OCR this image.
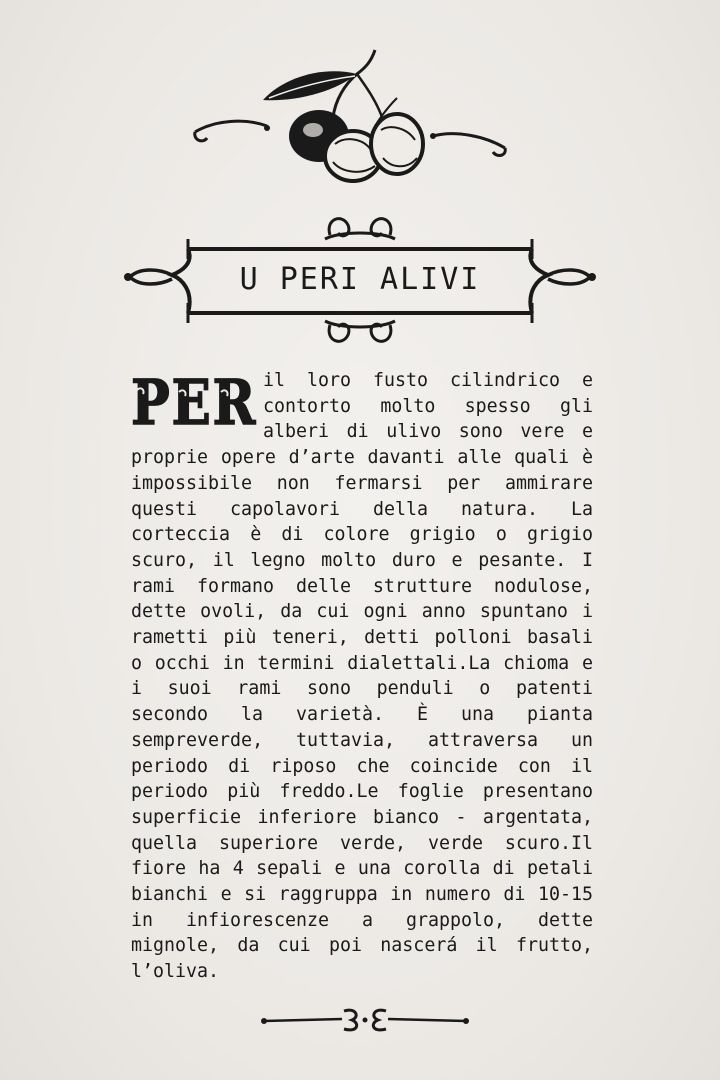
U PERI ALIVI
PER il loro fusto cilindrico e contorto molto spesso gli alberi di ulivo sono vere e proprie opere d’arte davanti alle quali è impossibile non fermarsi per ammirare questi capolavori della natura. La corteccia è di colore grigio o grigio scuro, il legno molto duro e pesante. I rami formano delle strutture nodulose, dette ovoli, da cui ogni anno spuntano i rametti più teneri, detti polloni basali o occhi in termini dialettali.La chioma e i suoi rami sono penduli o patenti secondo la varietà. È una pianta sempreverde, tuttavia, attraversa un periodo di riposo che coincide con il periodo più freddo.Le foglie presentano superficie inferiore bianco - argentata, quella superiore verde, verde scuro.Il fiore ha 4 sepali e una corolla di petali bianchi e si raggruppa in numero di 10-15 in infiorescenze a grappolo, dette mignole, da cui poi nascerá il frutto, l’oliva.
